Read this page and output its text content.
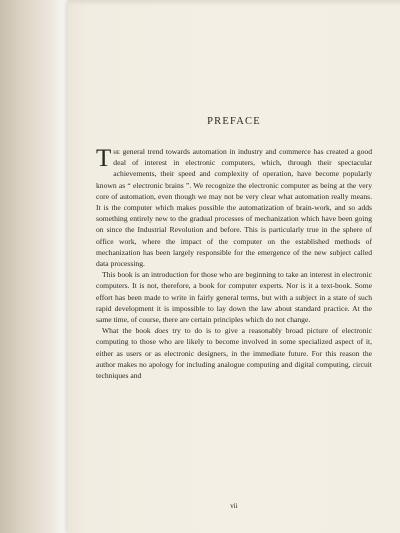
PREFACE

The general trend towards automation in industry and commerce has created a good deal of interest in electronic computers, which, through their spectacular achievements, their speed and complexity of operation, have become popularly known as “ electronic brains ”. We recognize the electronic computer as being at the very core of automation, even though we may not be very clear what automation really means. It is the computer which makes possible the automatization of brain-work, and so adds something entirely new to the gradual processes of mechanization which have been going on since the Industrial Revolution and before. This is particularly true in the sphere of office work, where the impact of the computer on the established methods of mechanization has been largely responsible for the emergence of the new subject called data processing.

This book is an introduction for those who are beginning to take an interest in electronic computers. It is not, therefore, a book for computer experts. Nor is it a text-book. Some effort has been made to write in fairly general terms, but with a subject in a state of such rapid development it is impossible to lay down the law about standard practice. At the same time, of course, there are certain principles which do not change.

What the book does try to do is to give a reasonably broad picture of electronic computing to those who are likely to become involved in some specialized aspect of it, either as users or as electronic designers, in the immediate future. For this reason the author makes no apology for including analogue computing and digital computing, circuit techniques and

vii
